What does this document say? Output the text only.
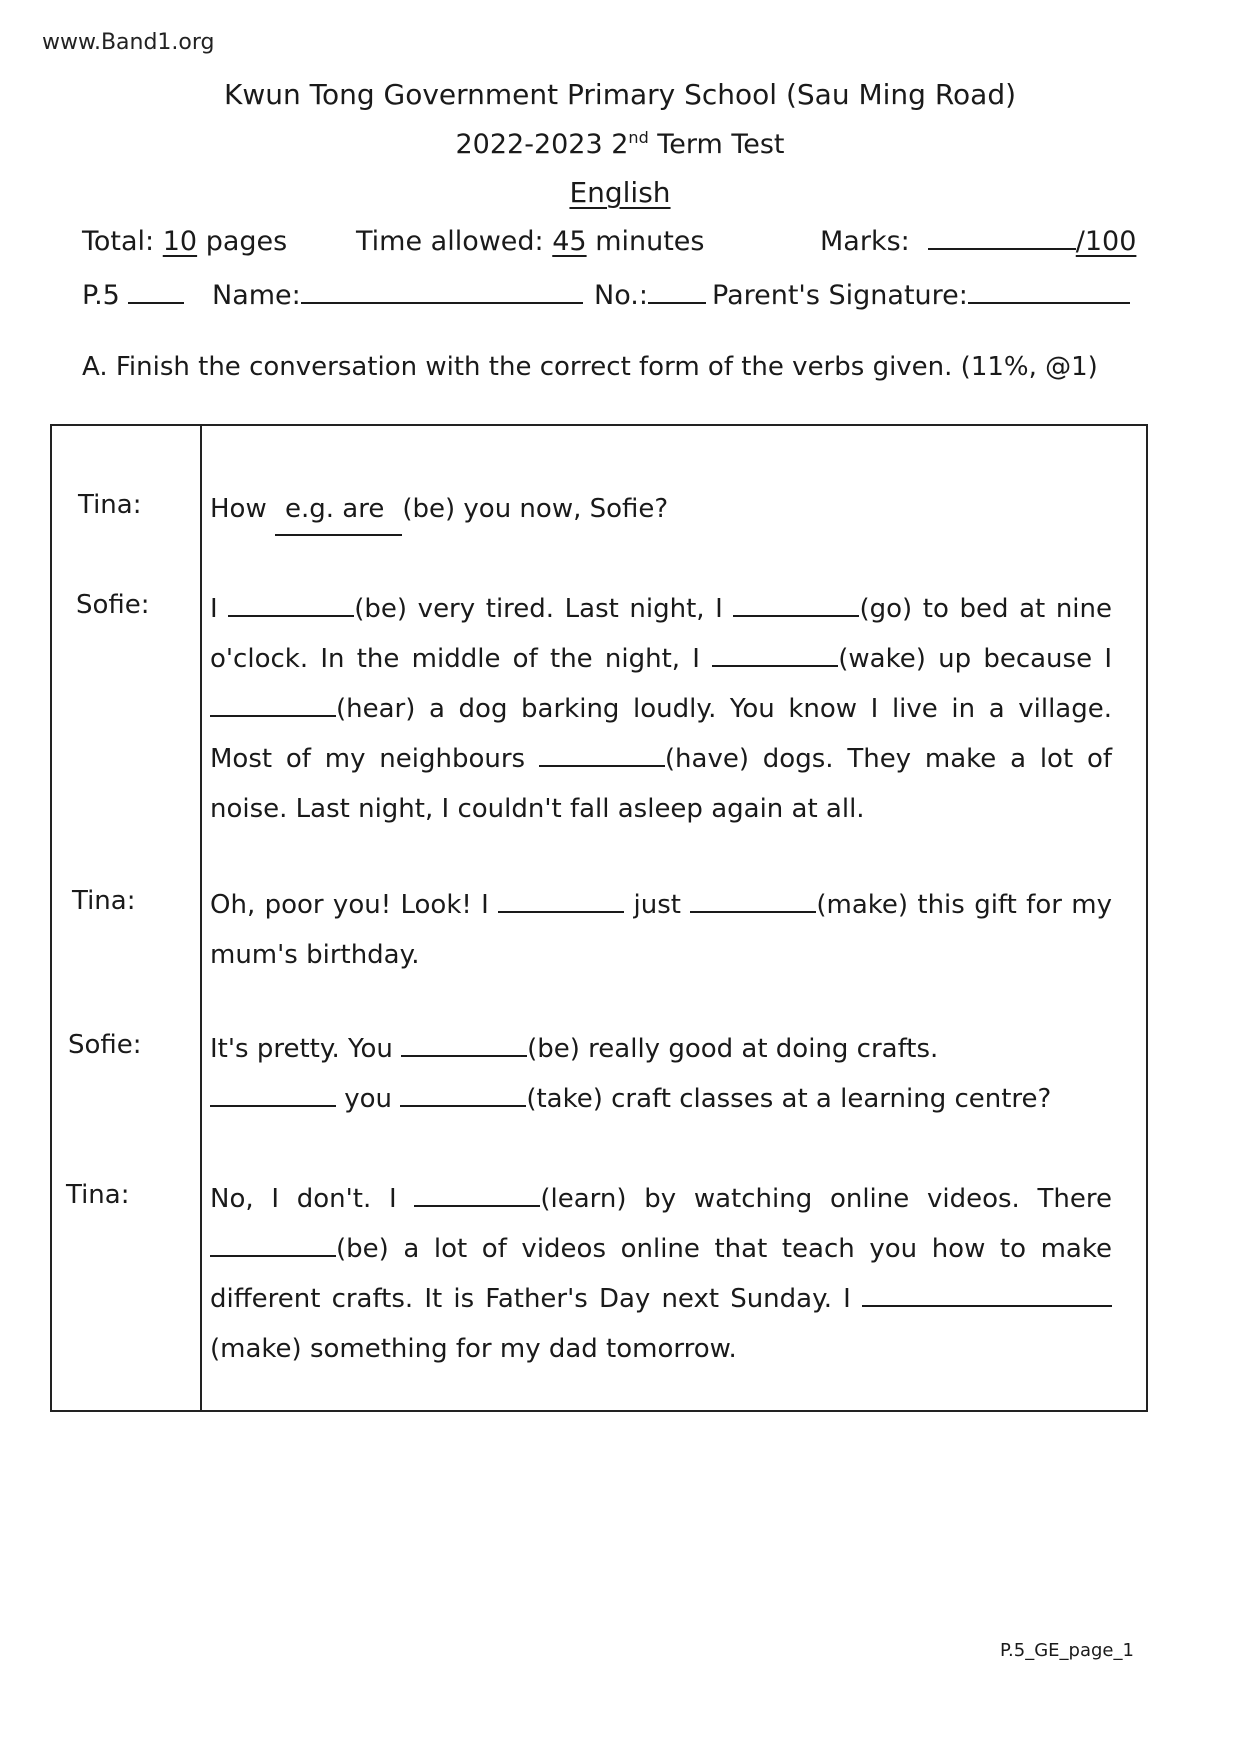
www.Band1.org
Kwun Tong Government Primary School (Sau Ming Road)
2022-2023 2nd Term Test
English
Total: 10 pages	Time allowed: 45 minutes	Marks:	/100
P.5	Name:	No.:	Parent's Signature:
A. Finish the conversation with the correct form of the verbs given. (11%, @1)
Tina:	How e.g. are (be) you now, Sofie?
Sofie: I	(be) very tired. Last night, I	(go) to bed at nine o'clock. In the middle of the night, I	(wake) up because I (hear) a dog barking loudly. You know I live in a village. Most of my neighbours	(have) dogs. They make a lot of noise. Last night, I couldn't fall asleep again at all.
Tina:	Oh, poor you! Look! I	just	(make) this gift for my mum's birthday.
Sofie:	It's pretty. You	(be) really good at doing crafts.
you	(take) craft classes at a learning centre?
Tina:	No, I don't. I	(learn) by watching online videos. There (be) a lot of videos online that teach you how to make different crafts. It is Father's Day next Sunday. I (make) something for my dad tomorrow.
P.5_GE_page_1
